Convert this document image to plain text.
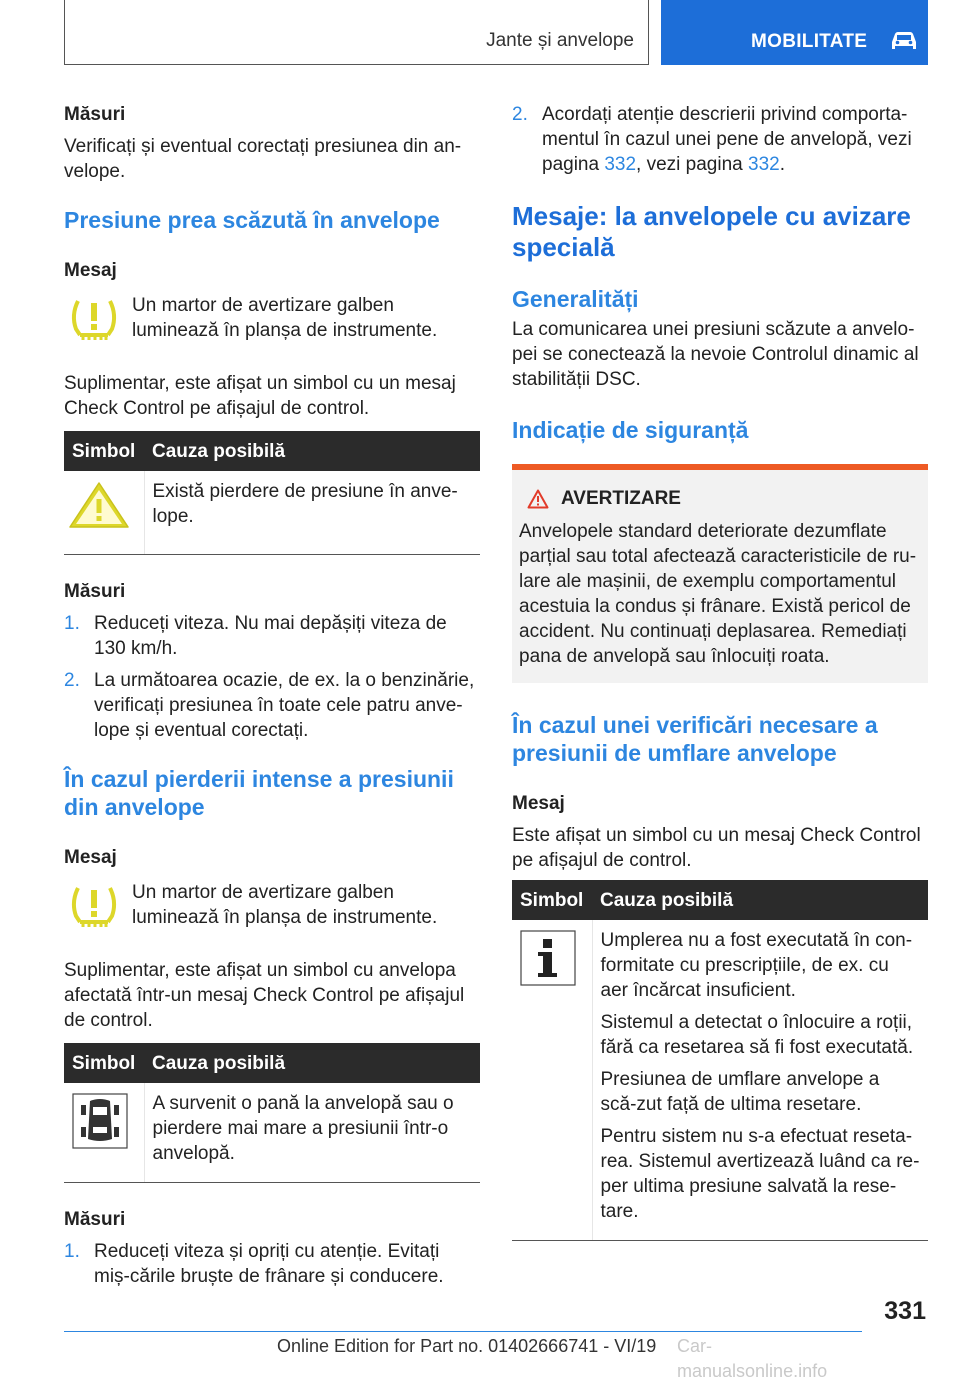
Jante și anvelope	MOBILITATE
Măsuri

Verificați și eventual corectați presiunea din an-velope.

Presiune prea scăzută în anvelope
Mesaj
Un martor de avertizare galben luminează în planșa de instrumente.

Suplimentar, este afișat un simbol cu un mesaj Check Control pe afișajul de control.

Simbol	Cauza posibilă
	Există pierdere de presiune în anve-lope.
Măsuri
1. Reduceți viteza. Nu mai depășiți viteza de 130 km/h.
2. La următoarea ocazie, de ex. la o benzinărie, verificați presiunea în toate cele patru anve-lope și eventual corectați.
În cazul pierderii intense a presiunii din anvelope
Mesaj
Un martor de avertizare galben luminează în planșa de instrumente.

Suplimentar, este afișat un simbol cu anvelopa afectată într-un mesaj Check Control pe afișajul de control.

Simbol	Cauza posibilă
	A survenit o pană la anvelopă sau o pierdere mai mare a presiunii într-o anvelopă.
Măsuri
1. Reduceți viteza și opriți cu atenție. Evitați miș-cările bruște de frânare și conducere.
2. Acordați atenție descrierii privind comporta-mentul în cazul unei pene de anvelopă, vezi pagina 332, vezi pagina 332.
Mesaje: la anvelopele cu avizare specială
Generalități

La comunicarea unei presiuni scăzute a anvelo-pei se conectează la nevoie Controlul dinamic al stabilității DSC.

Indicație de siguranță
AVERTIZARE

Anvelopele standard deteriorate dezumflate parțial sau total afectează caracteristicile de ru-lare ale mașinii, de exemplu comportamentul acestuia la condus și frânare. Există pericol de accident. Nu continuați deplasarea. Remediați pana de anvelopă sau înlocuiți roata.

În cazul unei verificări necesare a presiunii de umflare anvelope
Mesaj

Este afișat un simbol cu un mesaj Check Control pe afișajul de control.

Simbol	Cauza posibilă

Umplerea nu a fost executată în con-formitate cu prescripțiile, de ex. cu aer încărcat insuficient.

Sistemul a detectat o înlocuire a roții, fără ca resetarea să fi fost executată.

Presiunea de umflare anvelope a scă-zut față de ultima resetare.

Pentru sistem nu s-a efectuat reseta-rea. Sistemul avertizează luând ca re-per ultima presiune salvată la rese-tare.

331
Online Edition for Part no. 01402666741 - VI/19 Car-manualsonline.info
